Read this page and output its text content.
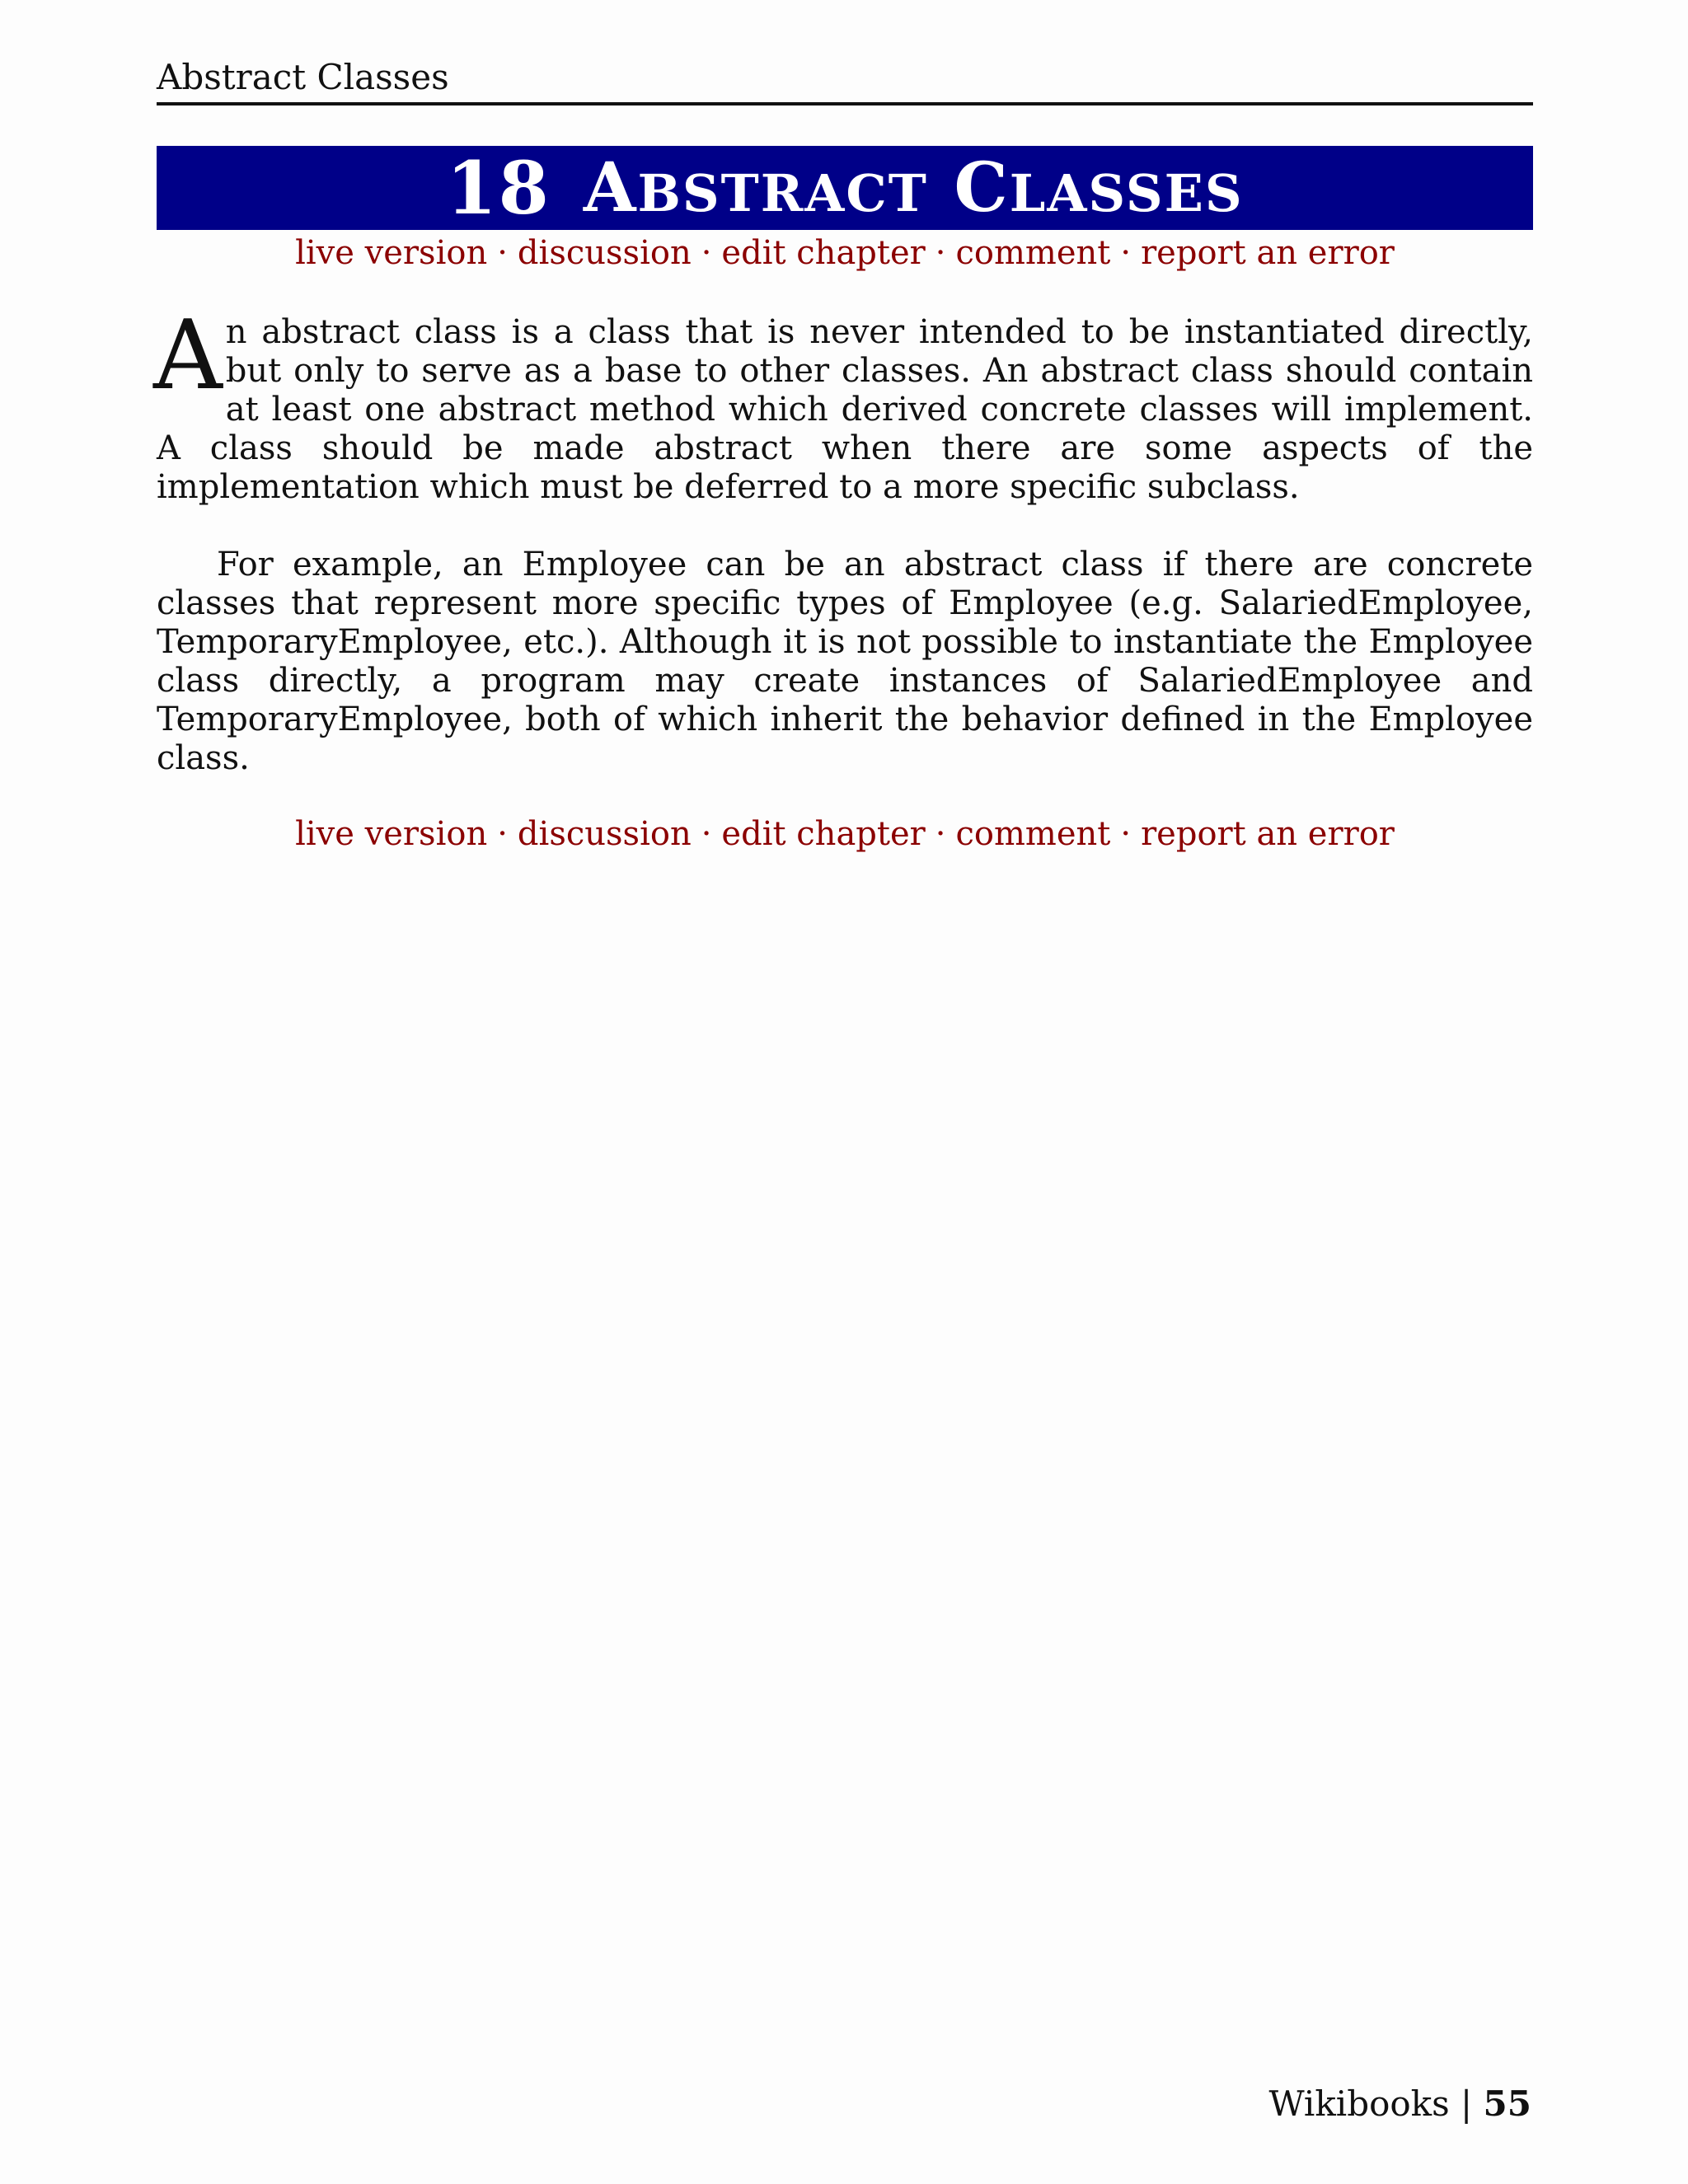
Abstract Classes
18 ABSTRACT CLASSES
live version · discussion · edit chapter · comment · report an error

An abstract class is a class that is never intended to be instantiated directly, but only to serve as a base to other classes. An abstract class should contain at least one abstract method which derived concrete classes will implement. A class should be made abstract when there are some aspects of the implementation which must be deferred to a more specific subclass.

For example, an Employee can be an abstract class if there are concrete classes that represent more specific types of Employee (e.g. SalariedEmployee, TemporaryEmployee, etc.). Although it is not possible to instantiate the Employee class directly, a program may create instances of SalariedEmployee and TemporaryEmployee, both of which inherit the behavior defined in the Employee class.

live version · discussion · edit chapter · comment · report an error
Wikibooks | 55
